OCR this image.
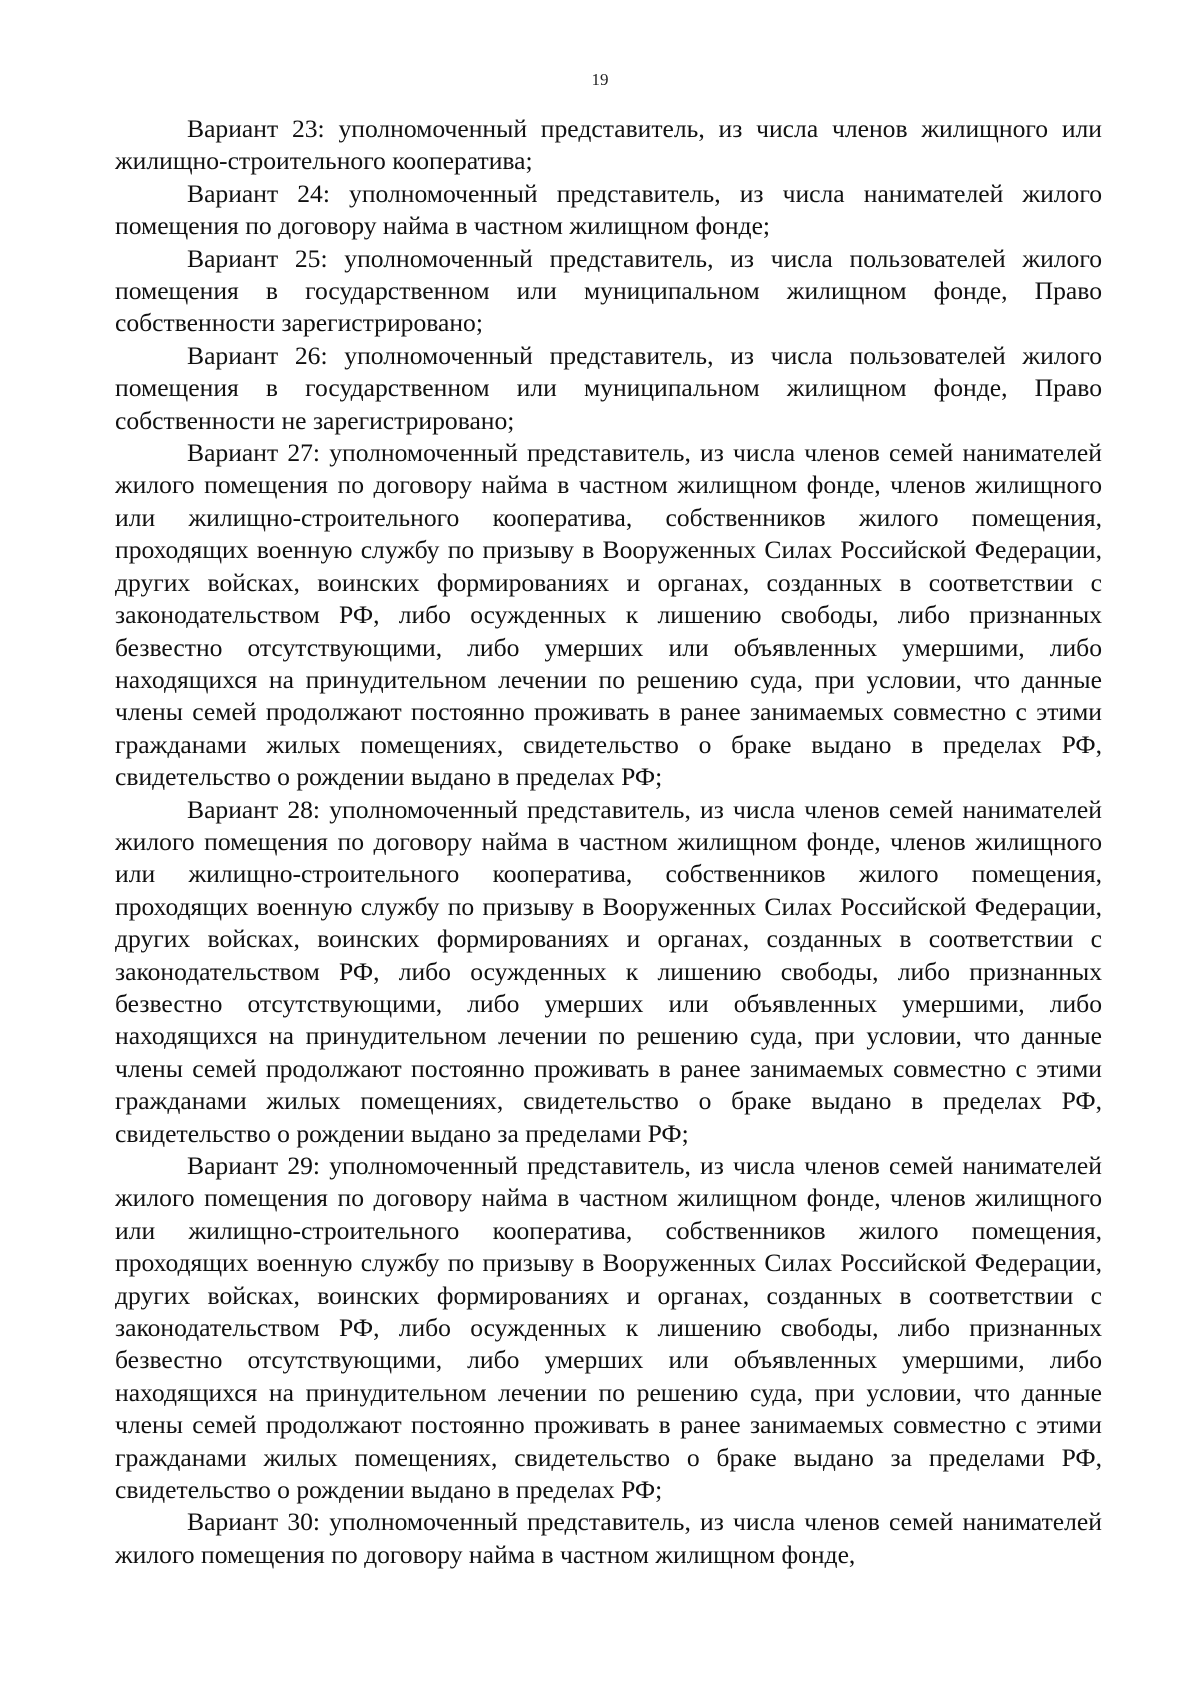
19

Вариант 23: уполномоченный представитель, из числа членов жилищного или жилищно-строительного кооператива;

Вариант 24: уполномоченный представитель, из числа нанимателей жилого помещения по договору найма в частном жилищном фонде;

Вариант 25: уполномоченный представитель, из числа пользователей жилого помещения в государственном или муниципальном жилищном фонде, Право собственности зарегистрировано;

Вариант 26: уполномоченный представитель, из числа пользователей жилого помещения в государственном или муниципальном жилищном фонде, Право собственности не зарегистрировано;

Вариант 27: уполномоченный представитель, из числа членов семей нанимателей жилого помещения по договору найма в частном жилищном фонде, членов жилищного или жилищно-строительного кооператива, собственников жилого помещения, проходящих военную службу по призыву в Вооруженных Силах Российской Федерации, других войсках, воинских формированиях и органах, созданных в соответствии с законодательством РФ, либо осужденных к лишению свободы, либо признанных безвестно отсутствующими, либо умерших или объявленных умершими, либо находящихся на принудительном лечении по решению суда, при условии, что данные члены семей продолжают постоянно проживать в ранее занимаемых совместно с этими гражданами жилых помещениях, свидетельство о браке выдано в пределах РФ, свидетельство о рождении выдано в пределах РФ;

Вариант 28: уполномоченный представитель, из числа членов семей нанимателей жилого помещения по договору найма в частном жилищном фонде, членов жилищного или жилищно-строительного кооператива, собственников жилого помещения, проходящих военную службу по призыву в Вооруженных Силах Российской Федерации, других войсках, воинских формированиях и органах, созданных в соответствии с законодательством РФ, либо осужденных к лишению свободы, либо признанных безвестно отсутствующими, либо умерших или объявленных умершими, либо находящихся на принудительном лечении по решению суда, при условии, что данные члены семей продолжают постоянно проживать в ранее занимаемых совместно с этими гражданами жилых помещениях, свидетельство о браке выдано в пределах РФ, свидетельство о рождении выдано за пределами РФ;

Вариант 29: уполномоченный представитель, из числа членов семей нанимателей жилого помещения по договору найма в частном жилищном фонде, членов жилищного или жилищно-строительного кооператива, собственников жилого помещения, проходящих военную службу по призыву в Вооруженных Силах Российской Федерации, других войсках, воинских формированиях и органах, созданных в соответствии с законодательством РФ, либо осужденных к лишению свободы, либо признанных безвестно отсутствующими, либо умерших или объявленных умершими, либо находящихся на принудительном лечении по решению суда, при условии, что данные члены семей продолжают постоянно проживать в ранее занимаемых совместно с этими гражданами жилых помещениях, свидетельство о браке выдано за пределами РФ, свидетельство о рождении выдано в пределах РФ;

Вариант 30: уполномоченный представитель, из числа членов семей нанимателей жилого помещения по договору найма в частном жилищном фонде,
